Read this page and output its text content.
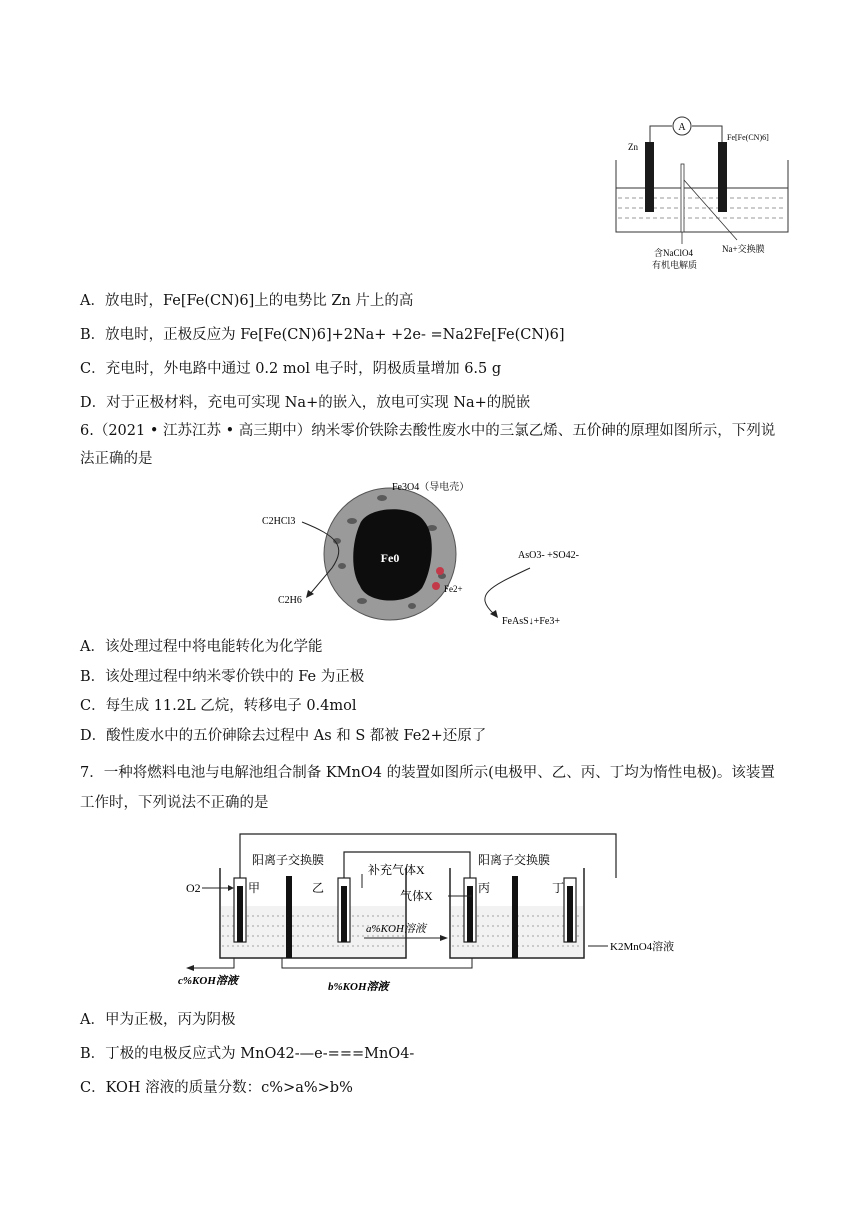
A
Zn
Fe[Fe(CN)6]
Na+交换膜
含NaClO4
有机电解质
A．放电时，Fe[Fe(CN)6]上的电势比 Zn 片上的高
B．放电时，正极反应为 Fe[Fe(CN)6]+2Na+ +2e- =Na2Fe[Fe(CN)6]
C．充电时，外电路中通过 0.2 mol 电子时，阴极质量增加 6.5 g
D．对于正极材料，充电可实现 Na+的嵌入，放电可实现 Na+的脱嵌
6.（2021 • 江苏江苏 • 高三期中）纳米零价铁除去酸性废水中的三氯乙烯、五价砷的原理如图所示，下列说
法正确的是
Fe0
Fe3O4（导电壳）
C2HCl3
C2H6
Fe2+
AsO3- +SO42-
FeAsS↓+Fe3+
A．该处理过程中将电能转化为化学能
B．该处理过程中纳米零价铁中的 Fe 为正极
C．每生成 11.2L 乙烷，转移电子 0.4mol
D．酸性废水中的五价砷除去过程中 As 和 S 都被 Fe2+还原了
7．一种将燃料电池与电解池组合制备 KMnO4 的装置如图所示(电极甲、乙、丙、丁均为惰性电极)。该装置
工作时，下列说法不正确的是
阳离子交换膜	阳离子交换膜
补充气体X
气体X
O2	甲	乙	丙	丁
a%KOH溶液
K2MnO4溶液
c%KOH溶液	b%KOH溶液
A．甲为正极，丙为阴极
B．丁极的电极反应式为 MnO42-—e-===MnO4-
C．KOH 溶液的质量分数：c%>a%>b%
